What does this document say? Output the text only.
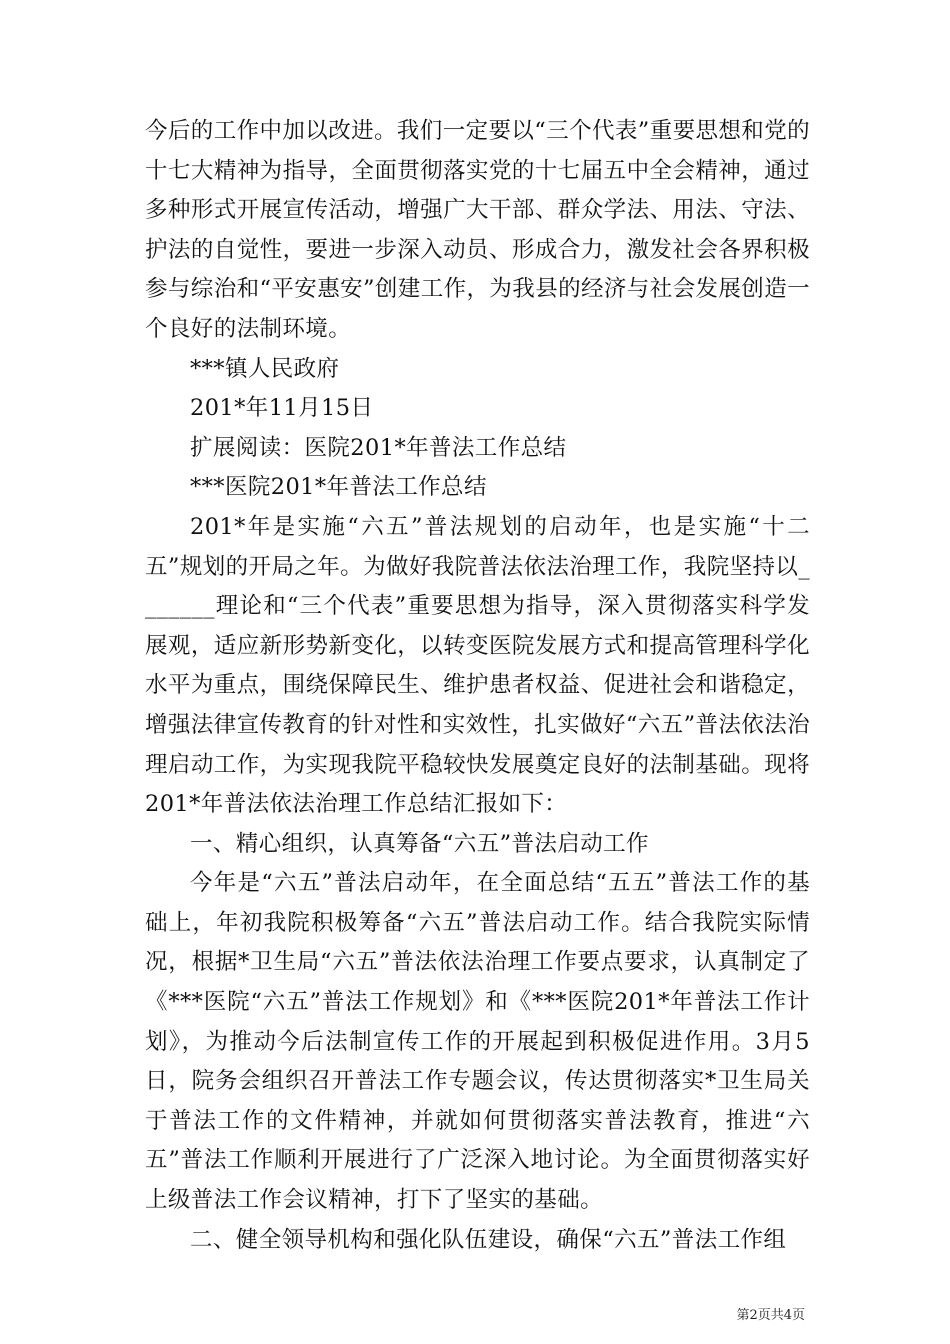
今后的工作中加以改进。我们一定要以“三个代表”重要思想和党的十七大精神为指导，全面贯彻落实党的十七届五中全会精神，通过多种形式开展宣传活动，增强广大干部、群众学法、用法、守法、护法的自觉性，要进一步深入动员、形成合力，激发社会各界积极参与综治和“平安惠安”创建工作，为我县的经济与社会发展创造一个良好的法制环境。

***镇人民政府

201*年11月15日

扩展阅读：医院201*年普法工作总结

***医院201*年普法工作总结

201*年是实施“六五”普法规划的启动年，也是实施“十二五”规划的开局之年。为做好我院普法依法治理工作，我院坚持以_______理论和“三个代表”重要思想为指导，深入贯彻落实科学发展观，适应新形势新变化，以转变医院发展方式和提高管理科学化水平为重点，围绕保障民生、维护患者权益、促进社会和谐稳定，增强法律宣传教育的针对性和实效性，扎实做好“六五”普法依法治理启动工作，为实现我院平稳较快发展奠定良好的法制基础。现将201*年普法依法治理工作总结汇报如下：

一、精心组织，认真筹备“六五”普法启动工作

今年是“六五”普法启动年，在全面总结“五五”普法工作的基础上，年初我院积极筹备“六五”普法启动工作。结合我院实际情况，根据*卫生局“六五”普法依法治理工作要点要求，认真制定了《***医院“六五”普法工作规划》和《***医院201*年普法工作计划》，为推动今后法制宣传工作的开展起到积极促进作用。3月5日，院务会组织召开普法工作专题会议，传达贯彻落实*卫生局关于普法工作的文件精神，并就如何贯彻落实普法教育，推进“六五”普法工作顺利开展进行了广泛深入地讨论。为全面贯彻落实好上级普法工作会议精神，打下了坚实的基础。

二、健全领导机构和强化队伍建设，确保“六五”普法工作组

第2页共4页
